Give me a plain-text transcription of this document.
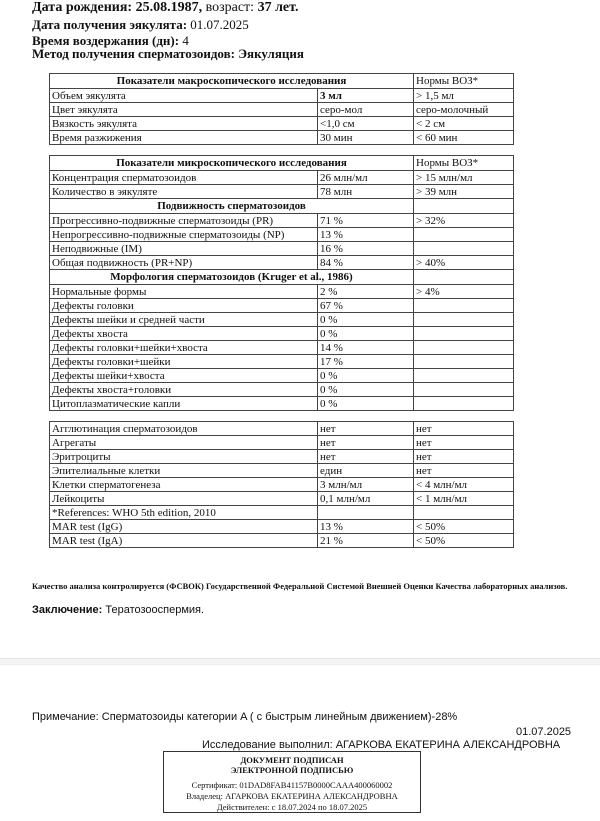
Дата рождения: 25.08.1987, возраст: 37 лет.
Дата получения эякулята: 01.07.2025
Время воздержания (дн): 4
Метод получения сперматозоидов: Эякуляция
Показатели макроскопического исследования		Нормы ВОЗ*
Объем эякулята	3 мл	> 1,5 мл
Цвет эякулята	серо-мол	серо-молочный
Вязкость эякулята	<1,0 см	< 2 см
Время разжижения	30 мин	< 60 мин

Показатели микроскопического исследования		Нормы ВОЗ*
Концентрация сперматозоидов	26 млн/мл	> 15 млн/мл
Количество в эякуляте	78 млн	> 39 млн
Подвижность сперматозоидов		
Прогрессивно-подвижные сперматозоиды (PR)	71 %	> 32%
Непрогрессивно-подвижные сперматозоиды (NP)	13 %	
Неподвижные (IM)	16 %	
Общая подвижность (PR+NP)	84 %	> 40%
Морфология сперматозоидов (Kruger et al., 1986)		
Нормальные формы	2 %	> 4%
Дефекты головки	67 %	
Дефекты шейки и средней части	0 %	
Дефекты хвоста	0 %	
Дефекты головки+шейки+хвоста	14 %	
Дефекты головки+шейки	17 %	
Дефекты шейки+хвоста	0 %	
Дефекты хвоста+головки	0 %	
Цитоплазматические капли	0 %	

Агглютинация сперматозоидов	нет	нет
Агрегаты	нет	нет
Эритроциты	нет	нет
Эпителиальные клетки	един	нет
Клетки сперматогенеза	3 млн/мл	< 4 млн/мл
Лейкоциты	0,1 млн/мл	< 1 млн/мл
*References: WHO 5th edition, 2010		
MAR test (IgG)	13 %	< 50%
MAR test (IgA)	21 %	< 50%
Качество анализа контролируется (ФСВОК) Государственной Федеральной Системой Внешней Оценки Качества лабораторных анализов.
Заключение: Тератозооспермия.
Примечание: Сперматозоиды категории A ( с быстрым линейным движением)-28%
01.07.2025
Исследование выполнил: АГАРКОВА ЕКАТЕРИНА АЛЕКСАНДРОВНА
ДОКУМЕНТ ПОДПИСАН
ЭЛЕКТРОННОЙ ПОДПИСЬЮ
Сертификат: 01DAD8FAB41157B0000CAAA400060002
Владелец: АГАРКОВА ЕКАТЕРИНА АЛЕКСАНДРОВНА
Действителен: с 18.07.2024 по 18.07.2025
